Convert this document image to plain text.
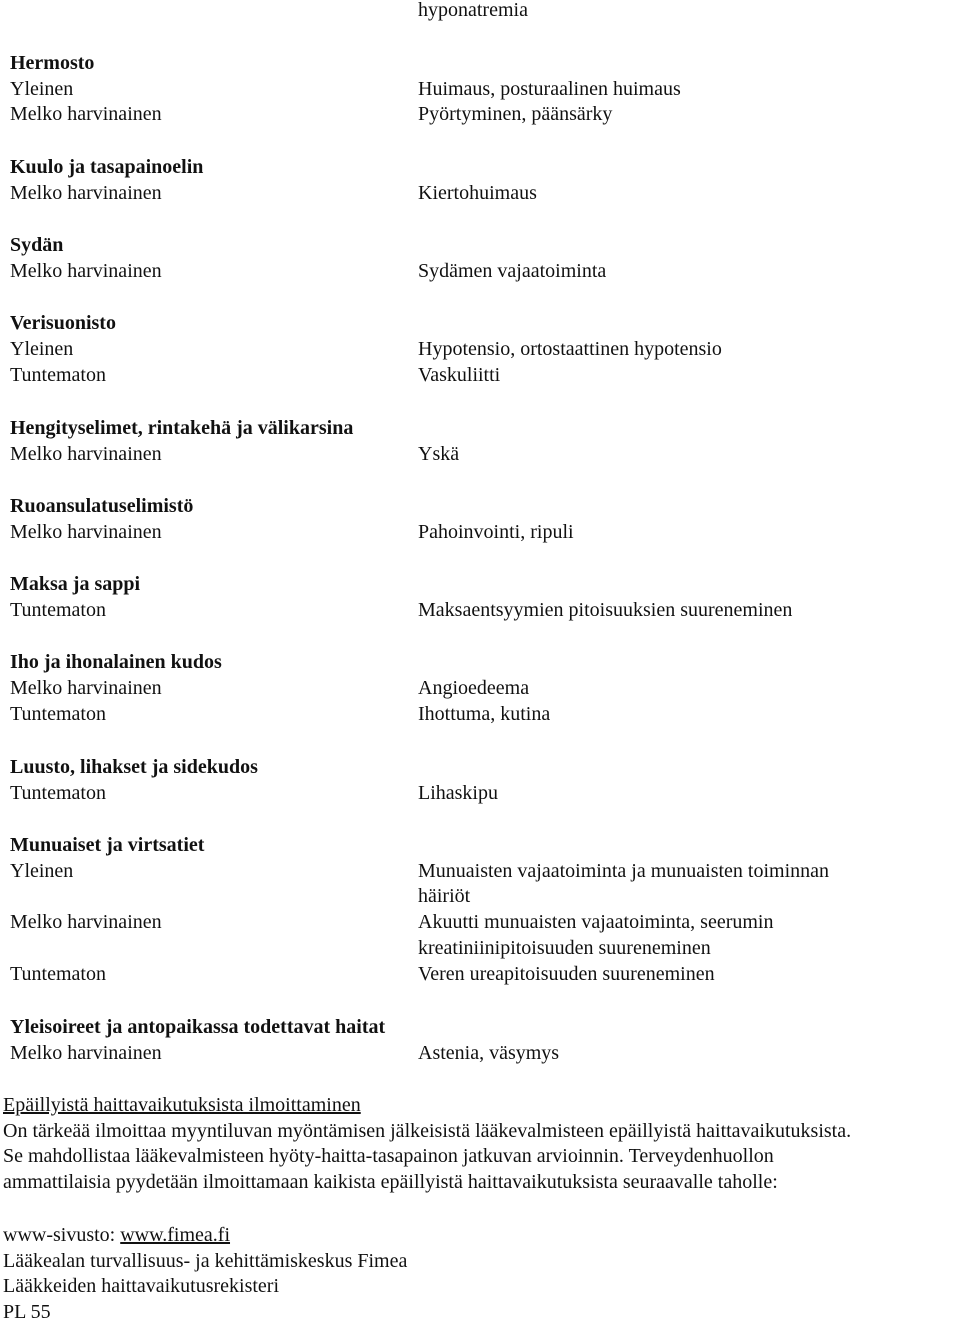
hyponatremia
Hermosto
Yleinen	Huimaus, posturaalinen huimaus
Melko harvinainen	Pyörtyminen, päänsärky
Kuulo ja tasapainoelin
Melko harvinainen	Kiertohuimaus
Sydän
Melko harvinainen	Sydämen vajaatoiminta
Verisuonisto
Yleinen	Hypotensio, ortostaattinen hypotensio
Tuntematon	Vaskuliitti
Hengityselimet, rintakehä ja välikarsina
Melko harvinainen	Yskä
Ruoansulatuselimistö
Melko harvinainen	Pahoinvointi, ripuli
Maksa ja sappi
Tuntematon	Maksaentsyymien pitoisuuksien suureneminen
Iho ja ihonalainen kudos
Melko harvinainen	Angioedeema
Tuntematon	Ihottuma, kutina
Luusto, lihakset ja sidekudos
Tuntematon	Lihaskipu
Munuaiset ja virtsatiet
Yleinen	Munuaisten vajaatoiminta ja munuaisten toiminnan
häiriöt
Melko harvinainen	Akuutti munuaisten vajaatoiminta, seerumin
kreatiniinipitoisuuden suureneminen
Tuntematon	Veren ureapitoisuuden suureneminen
Yleisoireet ja antopaikassa todettavat haitat
Melko harvinainen	Astenia, väsymys
Epäillyistä haittavaikutuksista ilmoittaminen
On tärkeää ilmoittaa myyntiluvan myöntämisen jälkeisistä lääkevalmisteen epäillyistä haittavaikutuksista.
Se mahdollistaa lääkevalmisteen hyöty-haitta-tasapainon jatkuvan arvioinnin. Terveydenhuollon
ammattilaisia pyydetään ilmoittamaan kaikista epäillyistä haittavaikutuksista seuraavalle taholle:
www-sivusto: www.fimea.fi
Lääkealan turvallisuus- ja kehittämiskeskus Fimea
Lääkkeiden haittavaikutusrekisteri
PL 55
